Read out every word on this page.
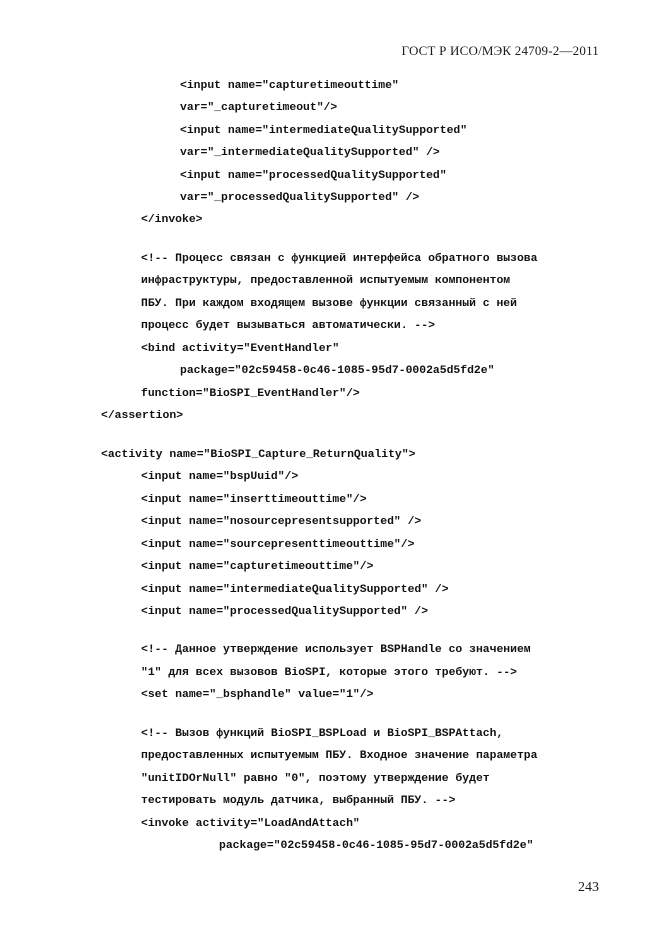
ГОСТ Р ИСО/МЭК 24709-2—2011
<input name="capturetimeouttime"
var="_capturetimeout"/>
<input name="intermediateQualitySupported"
var="_intermediateQualitySupported" />
<input name="processedQualitySupported"
var="_processedQualitySupported" />
</invoke>
<!-- Процесс связан с функцией интерфейса обратного вызова
инфраструктуры, предоставленной испытуемым компонентом
ПБУ. При каждом входящем вызове функции связанный с ней
процесс будет вызываться автоматически. -->
<bind activity="EventHandler"
package="02c59458-0c46-1085-95d7-0002a5d5fd2e"
function="BioSPI_EventHandler"/>
</assertion>
<activity name="BioSPI_Capture_ReturnQuality">
<input name="bspUuid"/>
<input name="inserttimeouttime"/>
<input name="nosourcepresentsupported" />
<input name="sourcepresenttimeouttime"/>
<input name="capturetimeouttime"/>
<input name="intermediateQualitySupported" />
<input name="processedQualitySupported" />
<!-- Данное утверждение использует BSPHandle со значением
"1" для всех вызовов BioSPI, которые этого требуют. -->
<set name="_bsphandle" value="1"/>
<!-- Вызов функций BioSPI_BSPLoad и BioSPI_BSPAttach,
предоставленных испытуемым ПБУ. Входное значение параметра
"unitIDOrNull" равно "0", поэтому утверждение будет
тестировать модуль датчика, выбранный ПБУ. -->
<invoke activity="LoadAndAttach"
package="02c59458-0c46-1085-95d7-0002a5d5fd2e"
243
